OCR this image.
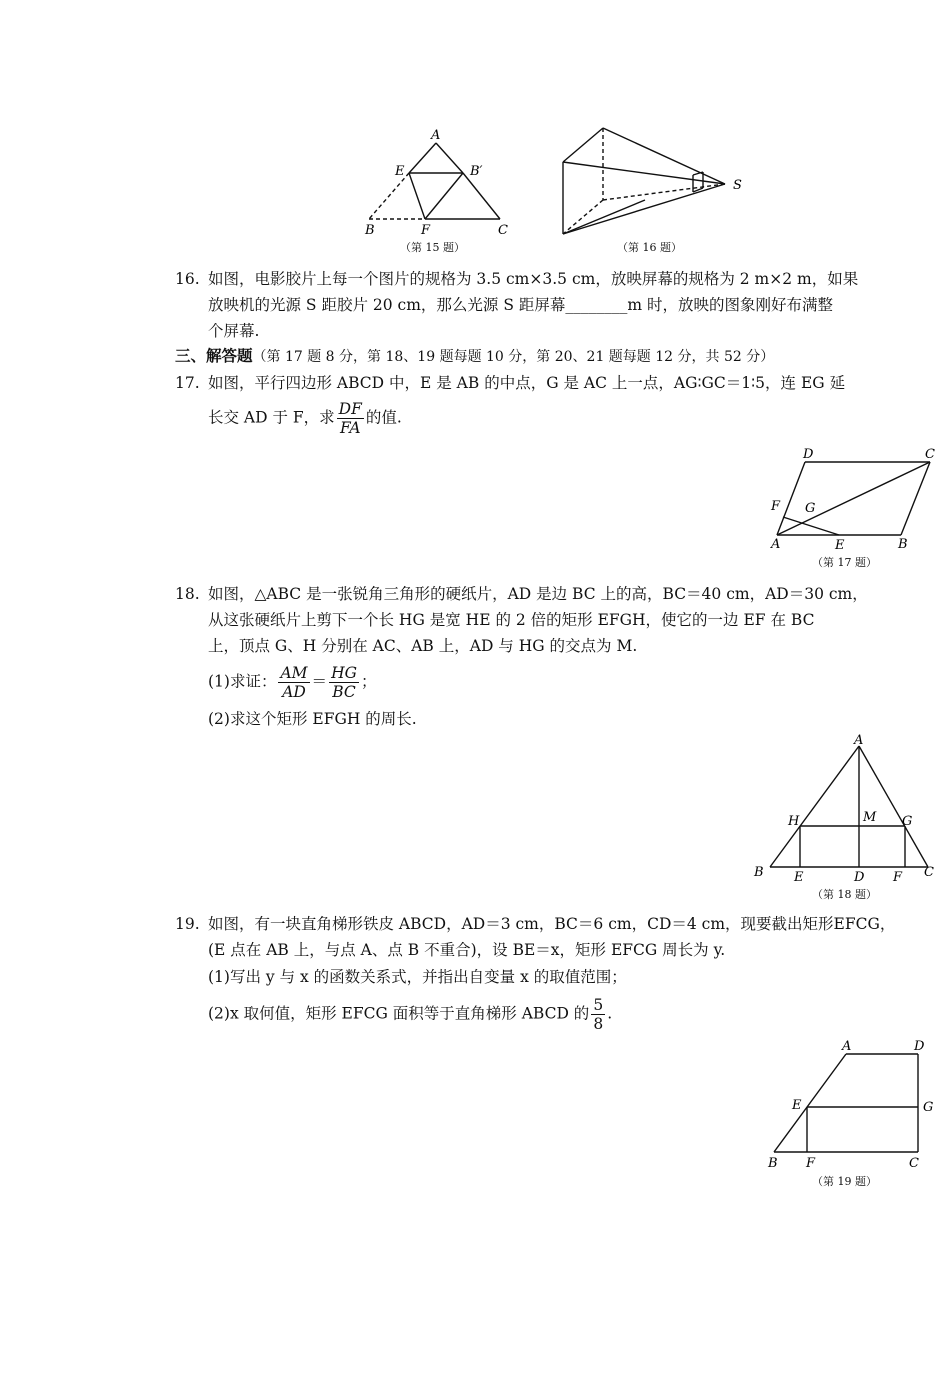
A
E	B′
B	F	C
（第 15 题）
S
（第 16 题）
16. 如图，电影胶片上每一个图片的规格为 3.5 cm×3.5 cm，放映屏幕的规格为 2 m×2 m，如果
放映机的光源 S 距胶片 20 cm，那么光源 S 距屏幕________m 时，放映的图象刚好布满整
个屏幕.
三、解答题（第 17 题 8 分，第 18、19 题每题 10 分，第 20、21 题每题 12 分，共 52 分）
17. 如图，平行四边形 ABCD 中，E 是 AB 的中点，G 是 AC 上一点，AG∶GC＝1∶5，连 EG 延
长交 AD 于 F，求 $\frac{DF}{FA}$ 的值.
D	C
F G
A	E	B
（第 17 题）
18. 如图，△ABC 是一张锐角三角形的硬纸片，AD 是边 BC 上的高，BC＝40 cm，AD＝30 cm，
从这张硬纸片上剪下一个长 HG 是宽 HE 的 2 倍的矩形 EFGH，使它的一边 EF 在 BC
上，顶点 G、H 分别在 AC、AB 上，AD 与 HG 的交点为 M.
(1)求证： $\frac{AM}{AD} = \frac{HG}{BC}$ ；
(2)求这个矩形 EFGH 的周长.
A
H	M G
B E	D F C
（第 18 题）
19. 如图，有一块直角梯形铁皮 ABCD，AD＝3 cm，BC＝6 cm，CD＝4 cm，现要截出矩形EFCG，
(E 点在 AB 上，与点 A、点 B 不重合)，设 BE＝x，矩形 EFCG 周长为 y.
(1)写出 y 与 x 的函数关系式，并指出自变量 x 的取值范围；
(2)x 取何值，矩形 EFCG 面积等于直角梯形 ABCD 的 $\frac{5}{8}$ .
A	D
E	G
B F	C
（第 19 题）
